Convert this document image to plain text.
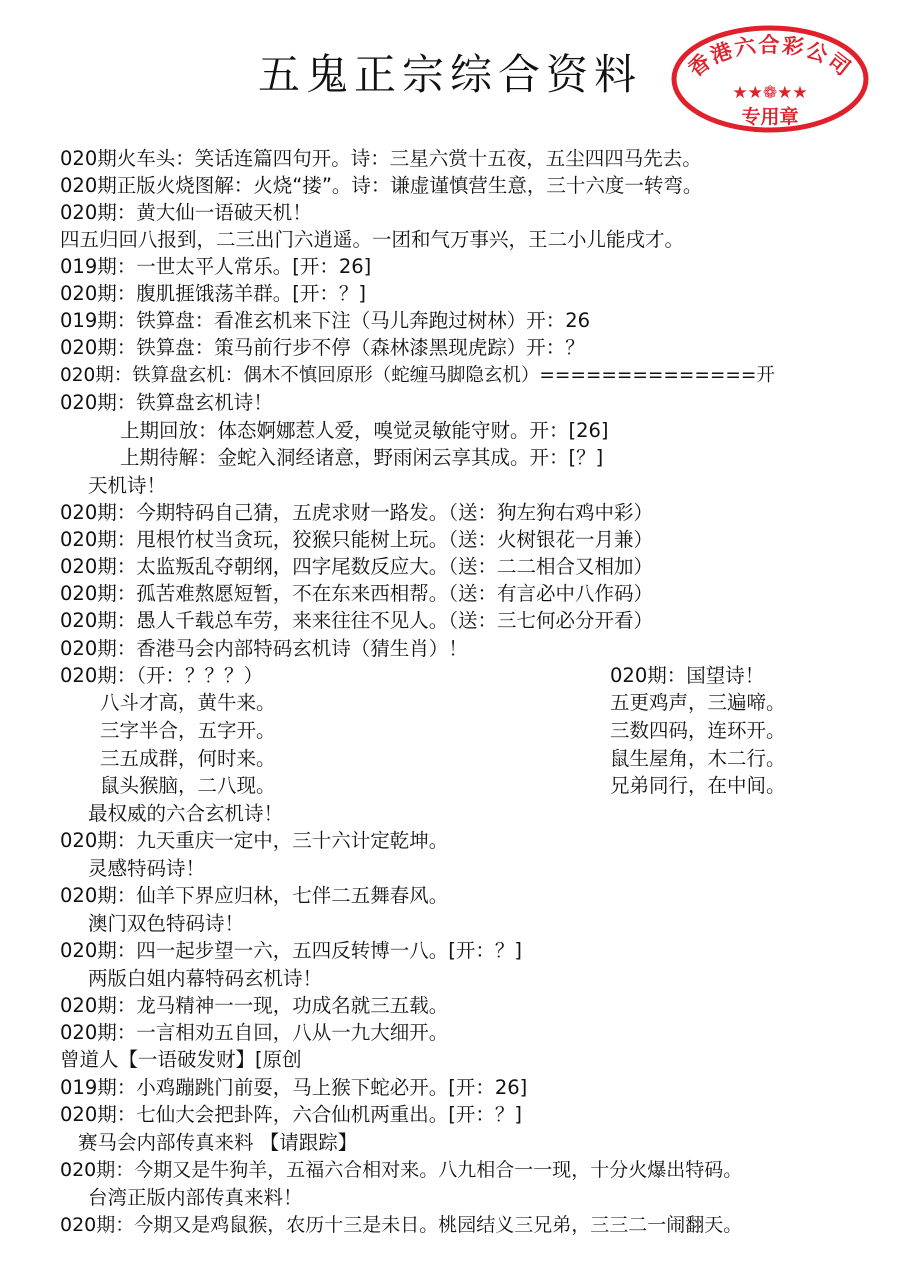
五鬼正宗综合资料	香港六合彩公司
★★❁★★
专用章
020期火车头：笑话连篇四句开。诗：三星六赏十五夜，五尘四四马先去。
020期正版火烧图解：火烧“搂”。诗：谦虚谨慎营生意，三十六度一转弯。
020期：黄大仙一语破天机！
四五归回八报到，二三出门六逍遥。一团和气万事兴，王二小儿能戌才。
019期：一世太平人常乐。[开：26]
020期：腹肌捱饿荡羊群。[开：？]
019期：铁算盘：看准玄机来下注（马儿奔跑过树林）开：26
020期：铁算盘：策马前行步不停（森林漆黑现虎踪）开：？
020期：铁算盘玄机：偶木不慎回原形（蛇缠马脚隐玄机）==============开
020期：铁算盘玄机诗！
上期回放：体态婀娜惹人爱，嗅觉灵敏能守财。开：[26]
上期待解：金蛇入洞经诸意，野雨闲云享其成。开：[？]
天机诗！
020期：今期特码自己猜，五虎求财一路发。（送：狗左狗右鸡中彩）
020期：甩根竹杖当贪玩，狡猴只能树上玩。（送：火树银花一月兼）
020期：太监叛乱夺朝纲，四字尾数反应大。（送：二二相合又相加）
020期：孤苦难熬愿短暂，不在东来西相帮。（送：有言必中八作码）
020期：愚人千载总车劳，来来往往不见人。（送：三七何必分开看）
020期：香港马会内部特码玄机诗（猜生肖）！
020期：（开：？？？）
八斗才高，黄牛来。
三字半合，五字开。
三五成群，何时来。
鼠头猴脑，二八现。
020期：国望诗！
五更鸡声，三遍啼。
三数四码，连环开。
鼠生屋角，木二行。
兄弟同行，在中间。
最权威的六合玄机诗！
020期：九天重庆一定中，三十六计定乾坤。
灵感特码诗！
020期：仙羊下界应归林，七伴二五舞春风。
澳门双色特码诗！
020期：四一起步望一六，五四反转博一八。[开：？]
两版白姐内幕特码玄机诗！
020期：龙马精神一一现，功成名就三五载。
020期：一言相劝五自回，八从一九大细开。
曾道人【一语破发财】[原创
019期：小鸡蹦跳门前耍，马上猴下蛇必开。[开：26]
020期：七仙大会把卦阵，六合仙机两重出。[开：？]
赛马会内部传真来料 【请跟踪】
020期：今期又是牛狗羊，五福六合相对来。八九相合一一现，十分火爆出特码。
台湾正版内部传真来料！
020期：今期又是鸡鼠猴，农历十三是未日。桃园结义三兄弟，三三二一闹翻天。
